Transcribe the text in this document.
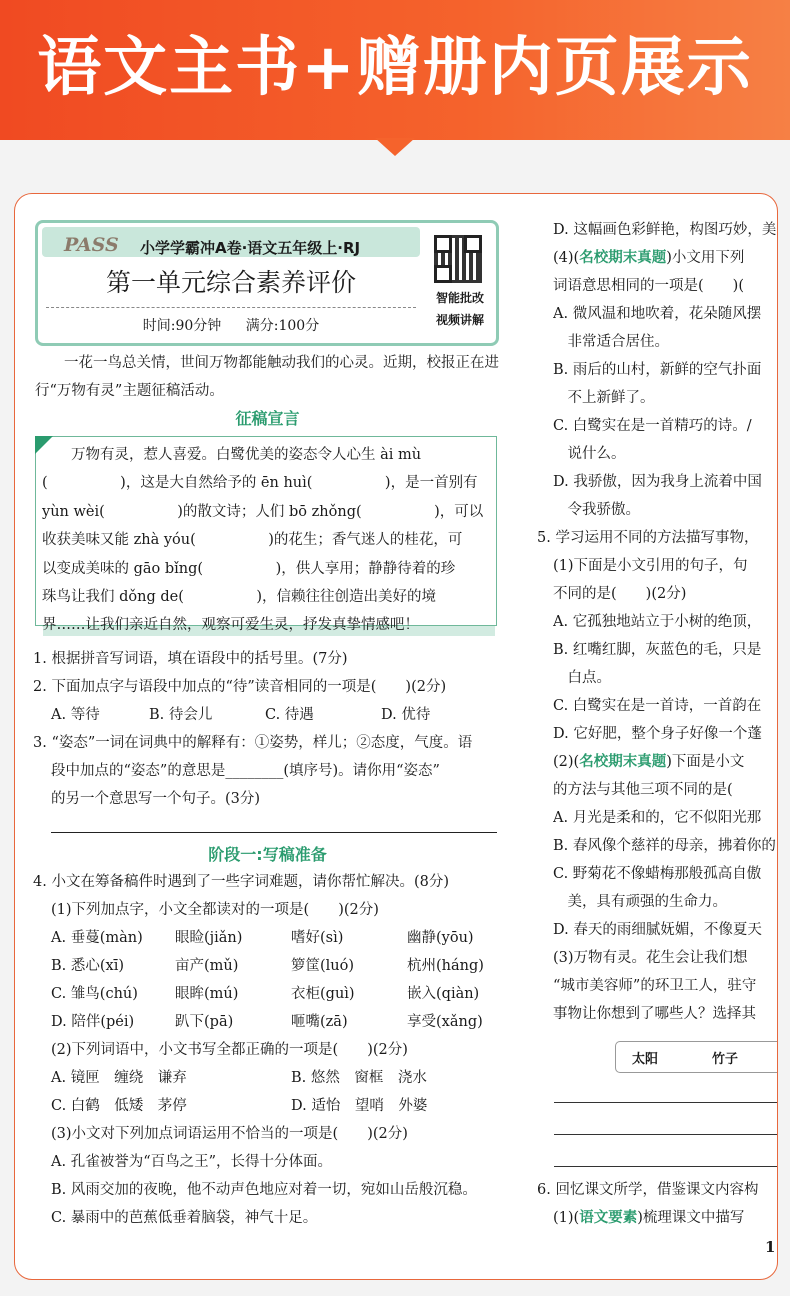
语文主书+赠册内页展示
PASS 小学学霸冲A卷·语文五年级上·RJ
第一单元综合素养评价
时间:90分钟 满分:100分
智能批改
视频讲解

一花一鸟总关情，世间万物都能触动我们的心灵。近期，校报正在进行“万物有灵”主题征稿活动。

征稿宣言

万物有灵，惹人喜爱。白鹭优美的姿态令人心生 ài mù

(　　　　　)，这是大自然给予的 ēn huì(　　　　　)，是一首别有

yùn wèi(　　　　　)的散文诗；人们 bō zhǒng(　　　　　)，可以

收获美味又能 zhà yóu(　　　　　)的花生；香气迷人的桂花，可

以变成美味的 gāo bǐng(　　　　　)，供人享用；静静待着的珍

珠鸟让我们 dǒng de(　　　　　)，信赖往往创造出美好的境

界……让我们亲近自然，观察可爱生灵，抒发真挚情感吧！

1. 根据拼音写词语，填在语段中的括号里。(7分)

2. 下面加点字与语段中加点的“待”读音相同的一项是(　　)(2分)

A. 等待	B. 待会儿	C. 待遇	D. 优待

3. “姿态”一词在词典中的解释有：①姿势，样儿；②态度，气度。语

段中加点的“姿态”的意思是________(填序号)。请你用“姿态”

的另一个意思写一个句子。(3分)

阶段一:写稿准备

4. 小文在筹备稿件时遇到了一些字词难题，请你帮忙解决。(8分)

(1)下列加点字，小文全都读对的一项是(　　)(2分)

A. 垂蔓(màn) 眼睑(jiǎn)	嗜好(sì)	幽静(yōu)

B. 悉心(xī)	亩产(mǔ)	箩筐(luó)	杭州(háng)

C. 雏鸟(chú)	眼眸(mú)	衣柜(guì)	嵌入(qiàn)

D. 陪伴(péi)	趴下(pā)	咂嘴(zā)	享受(xǎng)

(2)下列词语中，小文书写全都正确的一项是(　　)(2分)

A. 镜匣　缠绕　谦弃	B. 悠然　窗框　浇水

C. 白鹤　低矮　茅停	D. 适怡　望哨　外婆

(3)小文对下列加点词语运用不恰当的一项是(　　)(2分)

A. 孔雀被誉为“百鸟之王”，长得十分体面。

B. 风雨交加的夜晚，他不动声色地应对着一切，宛如山岳般沉稳。

C. 暴雨中的芭蕉低垂着脑袋，神气十足。

D. 这幅画色彩鲜艳，构图巧妙，美

(4)(名校期末真题)小文用下列

词语意思相同的一项是(　　)(

A. 微风温和地吹着，花朵随风摆

　非常适合居住。

B. 雨后的山村，新鲜的空气扑面

　不上新鲜了。

C. 白鹭实在是一首精巧的诗。/

　说什么。

D. 我骄傲，因为我身上流着中国

　令我骄傲。

5. 学习运用不同的方法描写事物，

(1)下面是小文引用的句子，句

不同的是(　　)(2分)

A. 它孤独地站立于小树的绝顶，

B. 红嘴红脚，灰蓝色的毛，只是

　白点。

C. 白鹭实在是一首诗，一首韵在

D. 它好肥，整个身子好像一个蓬

(2)(名校期末真题)下面是小文

的方法与其他三项不同的是(

A. 月光是柔和的，它不似阳光那

B. 春风像个慈祥的母亲，拂着你的

C. 野菊花不像蜡梅那般孤高自傲

　美，具有顽强的生命力。

D. 春天的雨细腻妩媚，不像夏天

(3)万物有灵。花生会让我们想

“城市美容师”的环卫工人，驻守

事物让你想到了哪些人？选择其

太阳	竹子

6. 回忆课文所学，借鉴课文内容构

(1)(语文要素)梳理课文中描写

1
